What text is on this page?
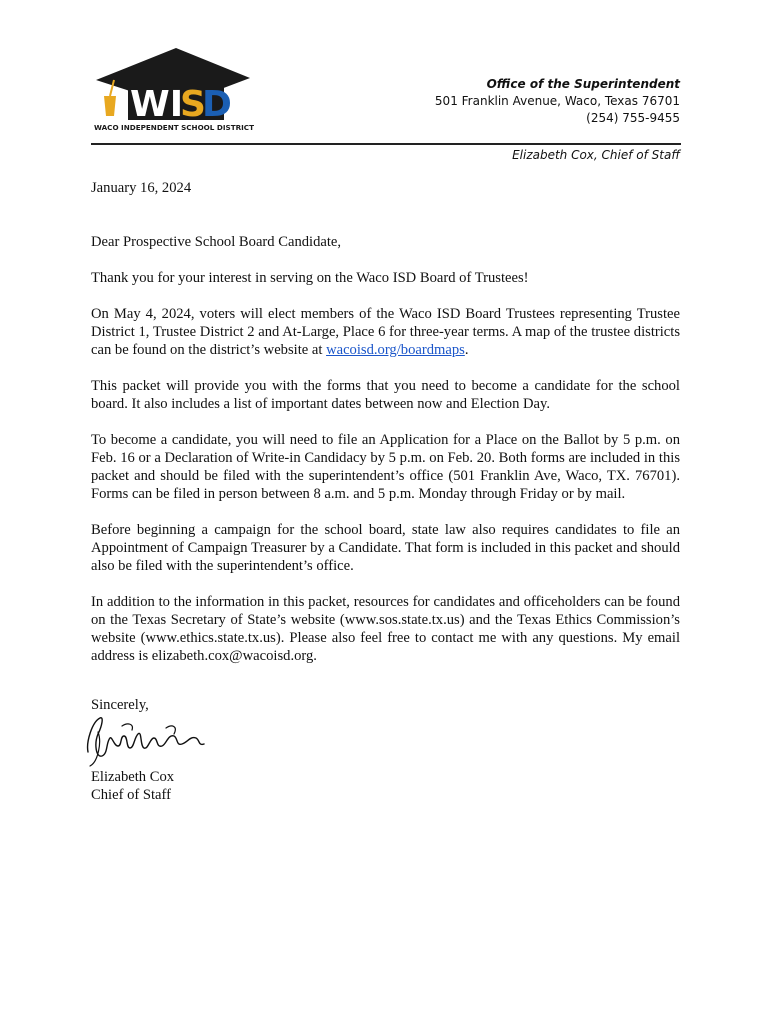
WI
S
D
WACO INDEPENDENT SCHOOL DISTRICT
Office of the Superintendent
501 Franklin Avenue, Waco, Texas 76701
(254) 755-9455
Elizabeth Cox, Chief of Staff

January 16, 2024

Dear Prospective School Board Candidate,

Thank you for your interest in serving on the Waco ISD Board of Trustees!

On May 4, 2024, voters will elect members of the Waco ISD Board Trustees representing Trustee District 1, Trustee District 2 and At-Large, Place 6 for three-year terms. A map of the trustee districts can be found on the district’s website at wacoisd.org/boardmaps.

This packet will provide you with the forms that you need to become a candidate for the school board. It also includes a list of important dates between now and Election Day.

To become a candidate, you will need to file an Application for a Place on the Ballot by 5 p.m. on Feb. 16 or a Declaration of Write-in Candidacy by 5 p.m. on Feb. 20. Both forms are included in this packet and should be filed with the superintendent’s office (501 Franklin Ave, Waco, TX. 76701). Forms can be filed in person between 8 a.m. and 5 p.m. Monday through Friday or by mail.

Before beginning a campaign for the school board, state law also requires candidates to file an Appointment of Campaign Treasurer by a Candidate. That form is included in this packet and should also be filed with the superintendent’s office.

In addition to the information in this packet, resources for candidates and officeholders can be found on the Texas Secretary of State’s website (www.sos.state.tx.us) and the Texas Ethics Commission’s website (www.ethics.state.tx.us). Please also feel free to contact me with any questions. My email address is elizabeth.cox@wacoisd.org.

Sincerely,
Elizabeth Cox
Chief of Staff
